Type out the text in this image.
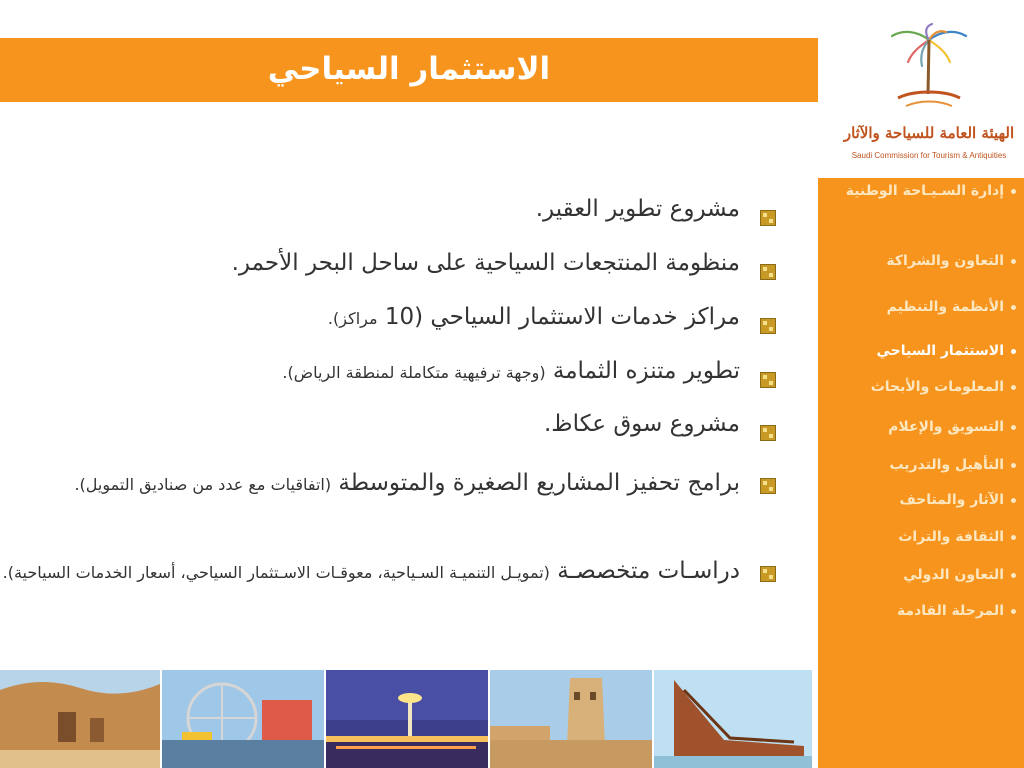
الاستثمار السياحي
الهيئة العامة للسياحة والآثار
Saudi Commission for Tourism & Antiquities
إدارة السـيـاحة الوطنية
التعاون والشراكة
الأنظمة والتنظيم
الاستثمار السياحي
المعلومات والأبحاث
التسويق والإعلام
التأهيل والتدريب
الآثار والمتاحف
الثقافة والتراث
التعاون الدولي
المرحلة القادمة
مشروع تطوير العقير.
منظومة المنتجعات السياحية على ساحل البحر الأحمر.
مراكز خدمات الاستثمار السياحي (10 مراكز).
تطوير متنزه الثمامة (وجهة ترفيهية متكاملة لمنطقة الرياض).
مشروع سوق عكاظ.
برامج تحفيز المشاريع الصغيرة والمتوسطة (اتفاقيات مع عدد من صناديق التمويل).
دراسـات متخصصـة (تمويـل التنميـة السـياحية، معوقـات الاسـتثمار السياحي، أسعار الخدمات السياحية).
